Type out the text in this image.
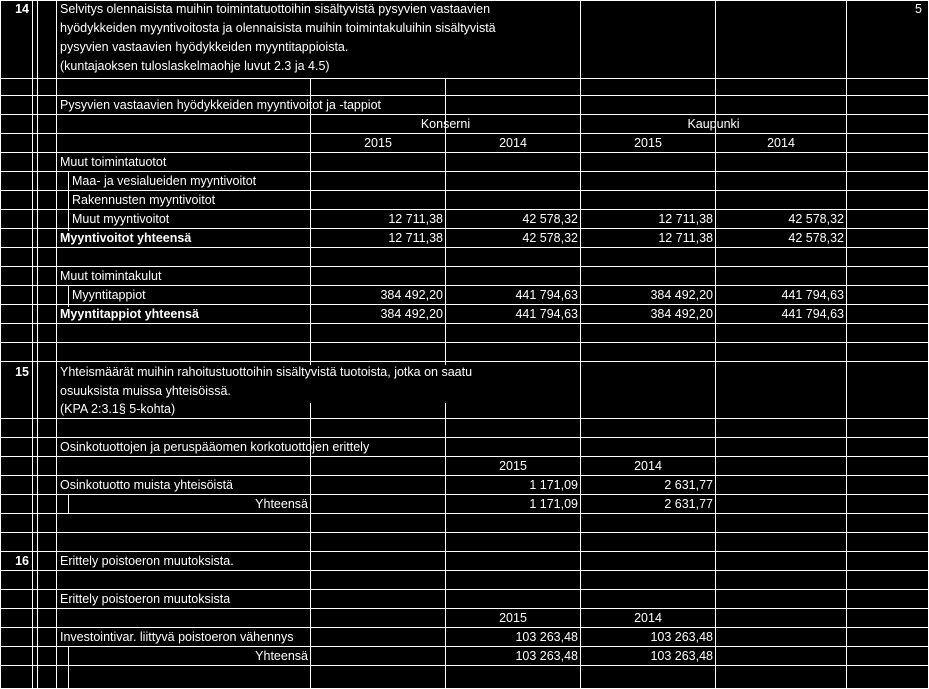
14	5
Selvitys olennaisista muihin toimintatuottoihin sisältyvistä pysyvien vastaavien
hyödykkeiden myyntivoitosta ja olennaisista muihin toimintakuluihin sisältyvistä
pysyvien vastaavien hyödykkeiden myyntitappioista.
(kuntajaoksen tuloslaskelmaohje luvut 2.3 ja 4.5)
Pysyvien vastaavien hyödykkeiden myyntivoitot ja -tappiot
Konserni	Kaupunki
2015	2014	2015	2014
Muut toimintatuotot
Maa- ja vesialueiden myyntivoitot
Rakennusten myyntivoitot
Muut myyntivoitot	12 711,38	42 578,32	12 711,38	42 578,32
Myyntivoitot yhteensä	12 711,38	42 578,32	12 711,38	42 578,32
Muut toimintakulut
Myyntitappiot	384 492,20	441 794,63	384 492,20	441 794,63
Myyntitappiot yhteensä	384 492,20	441 794,63	384 492,20	441 794,63
15 Yhteismäärät muihin rahoitustuottoihin sisältyvistä tuotoista, jotka on saatu
osuuksista muissa yhteisöissä.
(KPA 2:3.1§ 5-kohta)
Osinkotuottojen ja peruspääomen korkotuottojen erittely
2015	2014
Osinkotuotto muista yhteisöistä	1 171,09	2 631,77
Yhteensä	1 171,09	2 631,77
16 Erittely poistoeron muutoksista.
Erittely poistoeron muutoksista
2015	2014
Investointivar. liittyvä poistoeron vähennys	103 263,48	103 263,48
Yhteensä	103 263,48	103 263,48
